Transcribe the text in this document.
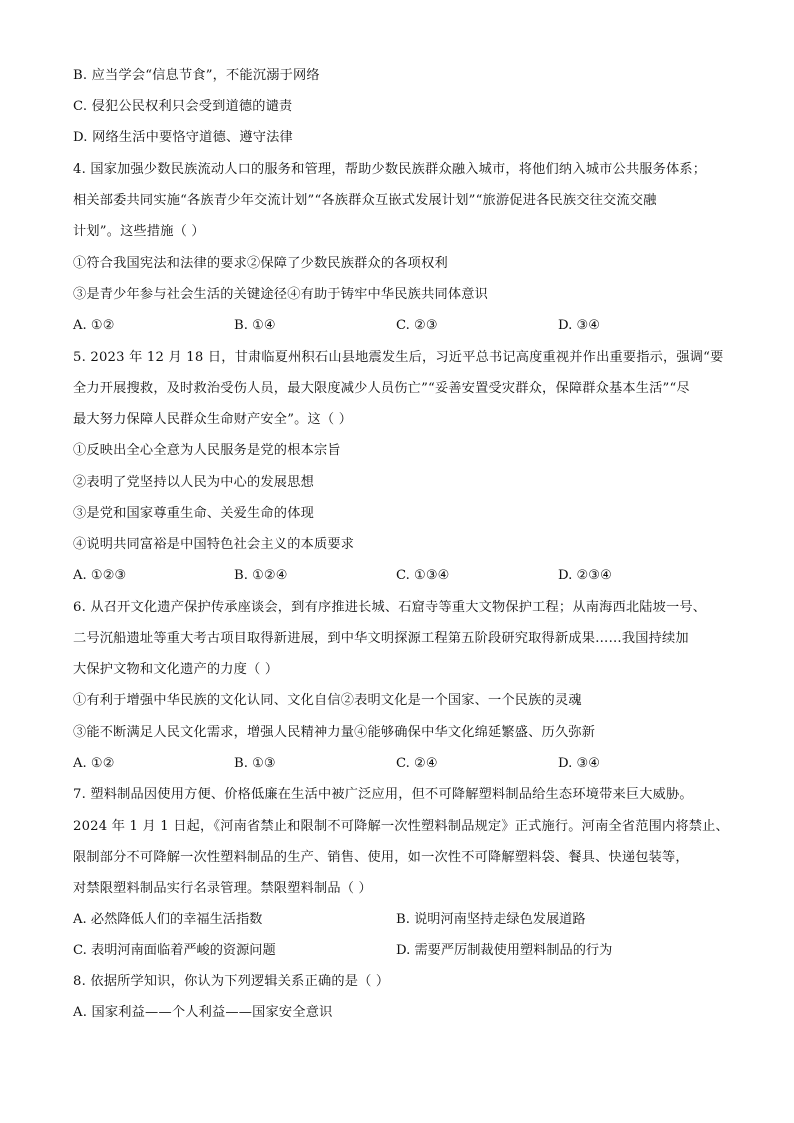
B. 应当学会“信息节食”，不能沉溺于网络
C. 侵犯公民权利只会受到道德的谴责
D. 网络生活中要恪守道德、遵守法律
4. 国家加强少数民族流动人口的服务和管理，帮助少数民族群众融入城市，将他们纳入城市公共服务体系；
相关部委共同实施“各族青少年交流计划”“各族群众互嵌式发展计划”“旅游促进各民族交往交流交融
计划”。这些措施（ ）
①符合我国宪法和法律的要求②保障了少数民族群众的各项权利
③是青少年参与社会生活的关键途径④有助于铸牢中华民族共同体意识
A. ①②	B. ①④	C. ②③	D. ③④
5. 2023 年 12 月 18 日，甘肃临夏州积石山县地震发生后，习近平总书记高度重视并作出重要指示，强调“要
全力开展搜救，及时救治受伤人员，最大限度减少人员伤亡”“妥善安置受灾群众，保障群众基本生活”“尽
最大努力保障人民群众生命财产安全”。这（ ）
①反映出全心全意为人民服务是党的根本宗旨
②表明了党坚持以人民为中心的发展思想
③是党和国家尊重生命、关爱生命的体现
④说明共同富裕是中国特色社会主义的本质要求
A. ①②③	B. ①②④	C. ①③④	D. ②③④
6. 从召开文化遗产保护传承座谈会，到有序推进长城、石窟寺等重大文物保护工程；从南海西北陆坡一号、
二号沉船遗址等重大考古项目取得新进展，到中华文明探源工程第五阶段研究取得新成果……我国持续加
大保护文物和文化遗产的力度（ ）
①有利于增强中华民族的文化认同、文化自信②表明文化是一个国家、一个民族的灵魂
③能不断满足人民文化需求，增强人民精神力量④能够确保中华文化绵延繁盛、历久弥新
A. ①②	B. ①③	C. ②④	D. ③④
7. 塑料制品因使用方便、价格低廉在生活中被广泛应用，但不可降解塑料制品给生态环境带来巨大威胁。
2024 年 1 月 1 日起，《河南省禁止和限制不可降解一次性塑料制品规定》正式施行。河南全省范围内将禁止、
限制部分不可降解一次性塑料制品的生产、销售、使用，如一次性不可降解塑料袋、餐具、快递包装等，
对禁限塑料制品实行名录管理。禁限塑料制品（ ）
A. 必然降低人们的幸福生活指数	B. 说明河南坚持走绿色发展道路
C. 表明河南面临着严峻的资源问题	D. 需要严厉制裁使用塑料制品的行为
8. 依据所学知识，你认为下列逻辑关系正确的是（ ）
A. 国家利益——个人利益——国家安全意识
